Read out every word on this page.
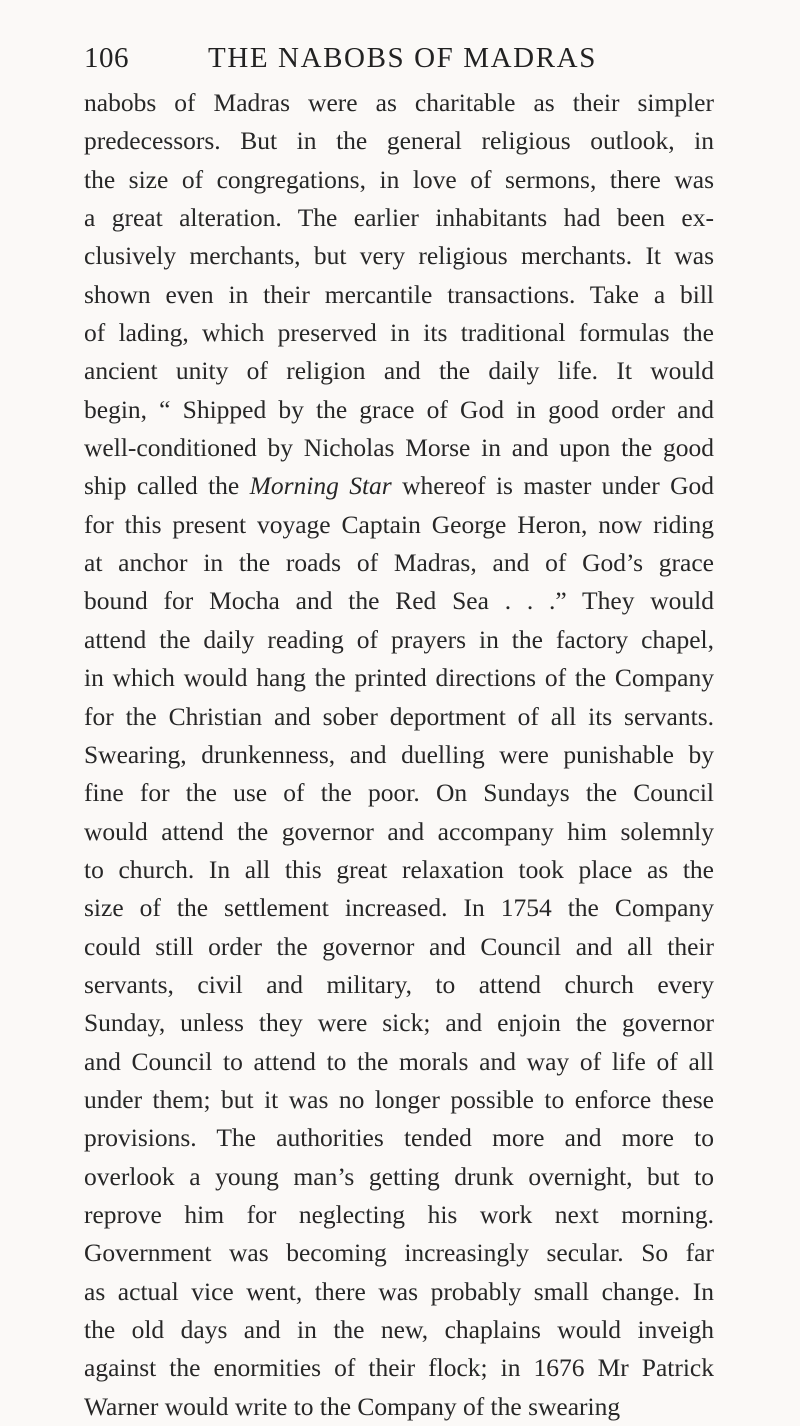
106	THE NABOBS OF MADRAS
nabobs of Madras were as charitable as their simpler
predecessors. But in the general religious outlook, in
the size of congregations, in love of sermons, there was
a great alteration. The earlier inhabitants had been ex-
clusively merchants, but very religious merchants. It was
shown even in their mercantile transactions. Take a bill
of lading, which preserved in its traditional formulas the
ancient unity of religion and the daily life. It would
begin, “ Shipped by the grace of God in good order and
well-conditioned by Nicholas Morse in and upon the good
ship called the Morning Star whereof is master under God
for this present voyage Captain George Heron, now riding
at anchor in the roads of Madras, and of God’s grace
bound for Mocha and the Red Sea . . .” They would
attend the daily reading of prayers in the factory chapel,
in which would hang the printed directions of the Company
for the Christian and sober deportment of all its servants.
Swearing, drunkenness, and duelling were punishable by
fine for the use of the poor. On Sundays the Council
would attend the governor and accompany him solemnly
to church. In all this great relaxation took place as the
size of the settlement increased. In 1754 the Company
could still order the governor and Council and all their
servants, civil and military, to attend church every
Sunday, unless they were sick; and enjoin the governor
and Council to attend to the morals and way of life of all
under them; but it was no longer possible to enforce these
provisions. The authorities tended more and more to
overlook a young man’s getting drunk overnight, but to
reprove him for neglecting his work next morning.
Government was becoming increasingly secular. So far
as actual vice went, there was probably small change. In
the old days and in the new, chaplains would inveigh
against the enormities of their flock; in 1676 Mr Patrick
Warner would write to the Company of the swearing
